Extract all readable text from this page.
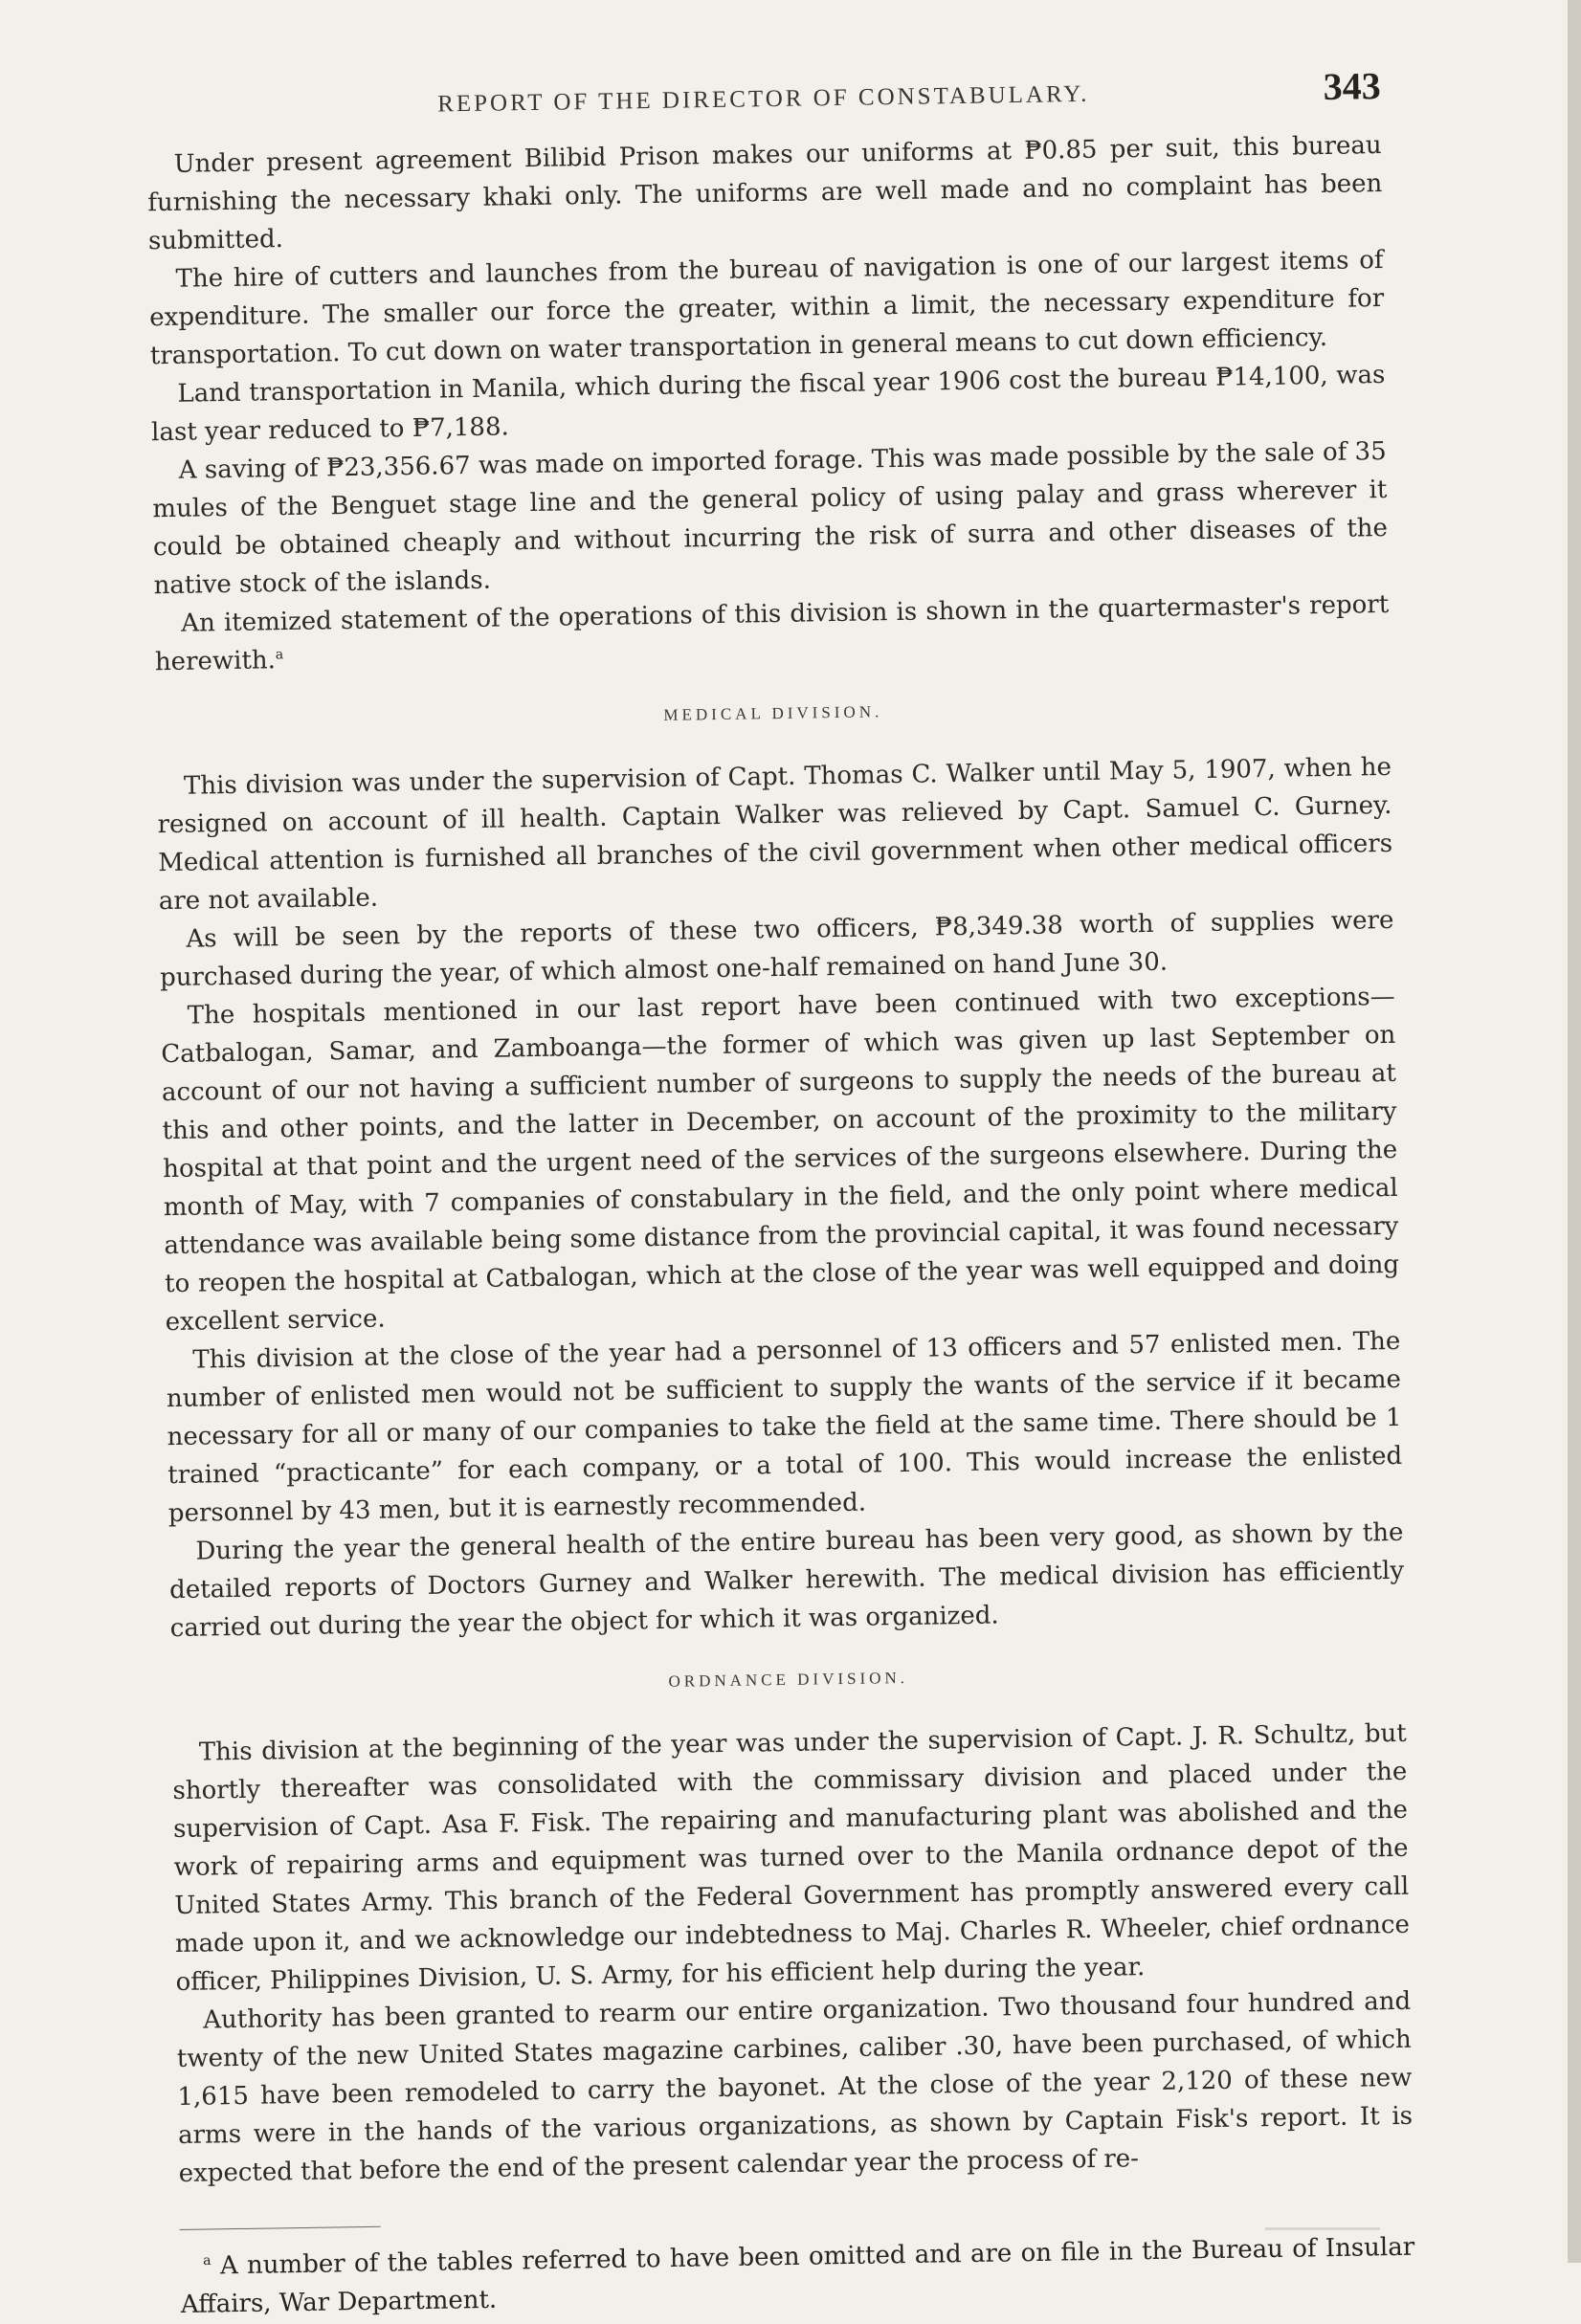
REPORT OF THE DIRECTOR OF CONSTABULARY.	343

Under present agreement Bilibid Prison makes our uniforms at ₱0.85 per suit, this bureau furnishing the necessary khaki only. The uniforms are well made and no complaint has been submitted.

The hire of cutters and launches from the bureau of navigation is one of our largest items of expenditure. The smaller our force the greater, within a limit, the necessary expenditure for transportation. To cut down on water transportation in general means to cut down efficiency.

Land transportation in Manila, which during the fiscal year 1906 cost the bureau ₱14,100, was last year reduced to ₱7,188.

A saving of ₱23,356.67 was made on imported forage. This was made possible by the sale of 35 mules of the Benguet stage line and the general policy of using palay and grass wherever it could be obtained cheaply and without incurring the risk of surra and other diseases of the native stock of the islands.

An itemized statement of the operations of this division is shown in the quartermaster's report herewith.$^a$

MEDICAL DIVISION.

This division was under the supervision of Capt. Thomas C. Walker until May 5, 1907, when he resigned on account of ill health. Captain Walker was relieved by Capt. Samuel C. Gurney. Medical attention is furnished all branches of the civil government when other medical officers are not available.

As will be seen by the reports of these two officers, ₱8,349.38 worth of supplies were purchased during the year, of which almost one-half remained on hand June 30.

The hospitals mentioned in our last report have been continued with two exceptions—Catbalogan, Samar, and Zamboanga—the former of which was given up last September on account of our not having a sufficient number of surgeons to supply the needs of the bureau at this and other points, and the latter in December, on account of the proximity to the military hospital at that point and the urgent need of the services of the surgeons elsewhere. During the month of May, with 7 companies of constabulary in the field, and the only point where medical attendance was available being some distance from the provincial capital, it was found necessary to reopen the hospital at Catbalogan, which at the close of the year was well equipped and doing excellent service.

This division at the close of the year had a personnel of 13 officers and 57 enlisted men. The number of enlisted men would not be sufficient to supply the wants of the service if it became necessary for all or many of our companies to take the field at the same time. There should be 1 trained “practicante” for each company, or a total of 100. This would increase the enlisted personnel by 43 men, but it is earnestly recommended.

During the year the general health of the entire bureau has been very good, as shown by the detailed reports of Doctors Gurney and Walker herewith. The medical division has efficiently carried out during the year the object for which it was organized.

ORDNANCE DIVISION.

This division at the beginning of the year was under the supervision of Capt. J. R. Schultz, but shortly thereafter was consolidated with the commissary division and placed under the supervision of Capt. Asa F. Fisk. The repairing and manufacturing plant was abolished and the work of repairing arms and equipment was turned over to the Manila ordnance depot of the United States Army. This branch of the Federal Government has promptly answered every call made upon it, and we acknowledge our indebtedness to Maj. Charles R. Wheeler, chief ordnance officer, Philippines Division, U. S. Army, for his efficient help during the year.

Authority has been granted to rearm our entire organization. Two thousand four hundred and twenty of the new United States magazine carbines, caliber .30, have been purchased, of which 1,615 have been remodeled to carry the bayonet. At the close of the year 2,120 of these new arms were in the hands of the various organizations, as shown by Captain Fisk's report. It is expected that before the end of the present calendar year the process of re-

$^a$ A number of the tables referred to have been omitted and are on file in the Bureau of Insular Affairs, War Department.
